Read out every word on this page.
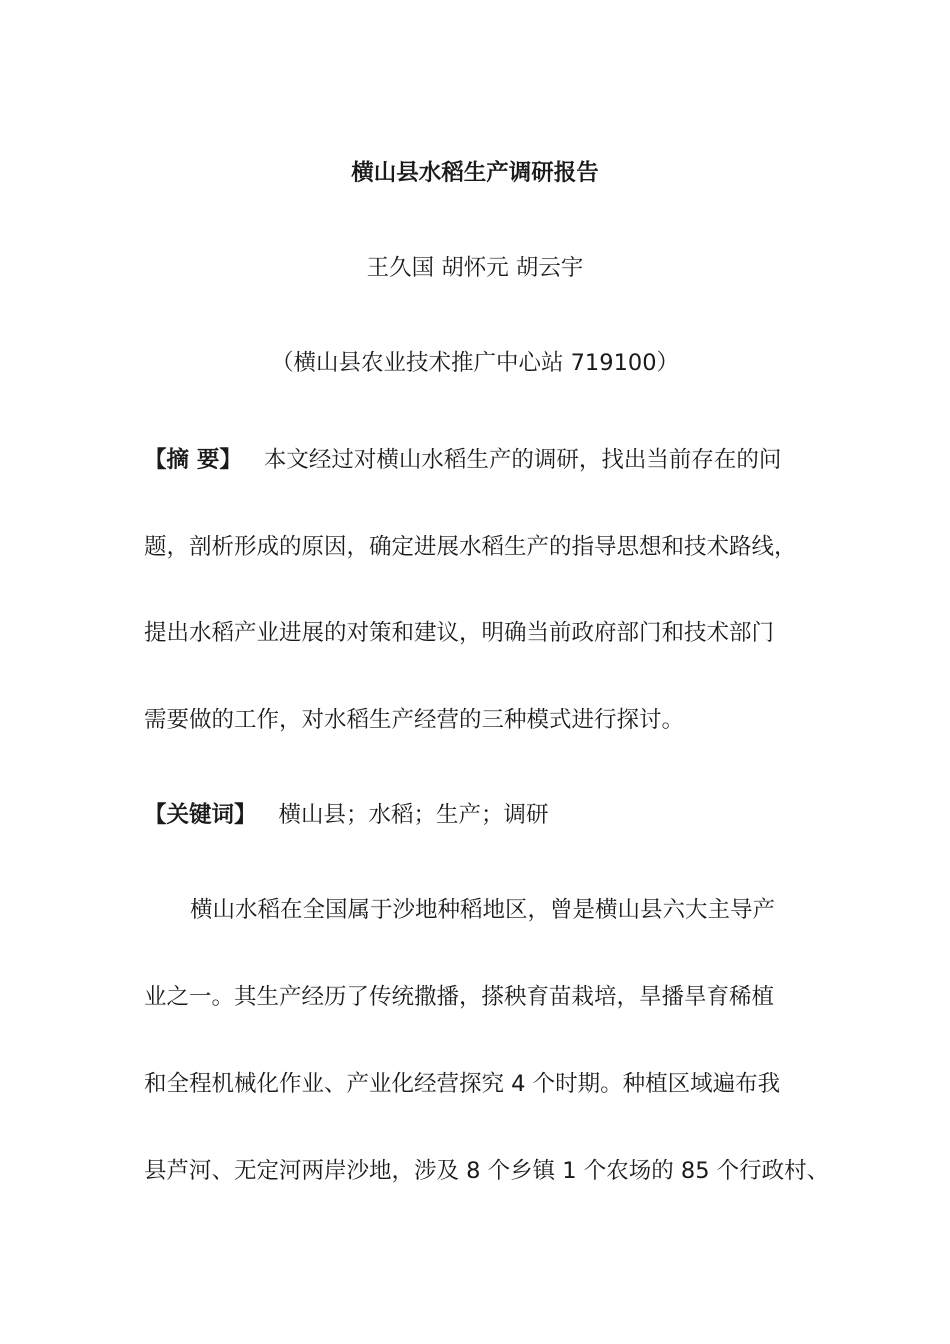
横山县水稻生产调研报告
王久国 胡怀元 胡云宇
（横山县农业技术推广中心站 719100）
【摘 要】 本文经过对横山水稻生产的调研，找出当前存在的问
题，剖析形成的原因，确定进展水稻生产的指导思想和技术路线，
提出水稻产业进展的对策和建议，明确当前政府部门和技术部门
需要做的工作，对水稻生产经营的三种模式进行探讨。
【关键词】 横山县；水稻；生产；调研
横山水稻在全国属于沙地种稻地区，曾是横山县六大主导产
业之一。其生产经历了传统撒播，搽秧育苗栽培，旱播旱育稀植
和全程机械化作业、产业化经营探究 4 个时期。种植区域遍布我
县芦河、无定河两岸沙地，涉及 8 个乡镇 1 个农场的 85 个行政村、
